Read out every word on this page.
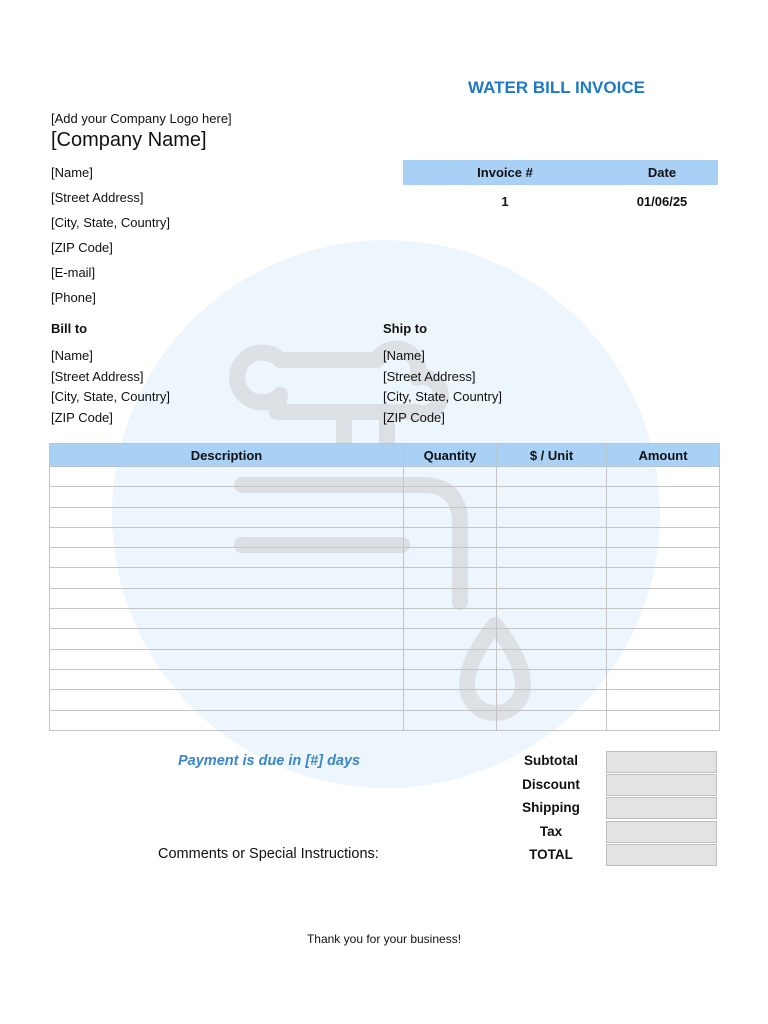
WATER BILL INVOICE
[Add your Company Logo here]
[Company Name]
[Name]
[Street Address]
[City, State, Country]
[ZIP Code]
[E-mail]
[Phone]
Invoice #	Date
1	01/06/25
Bill to	Ship to
[Name]
[Street Address]
[City, State, Country]
[ZIP Code]
[Name]
[Street Address]
[City, State, Country]
[ZIP Code]
Description	Quantity	$ / Unit	Amount

Payment is due in [#] days
Comments or Special Instructions:
Subtotal
Discount
Shipping
Tax
TOTAL
Thank you for your business!
